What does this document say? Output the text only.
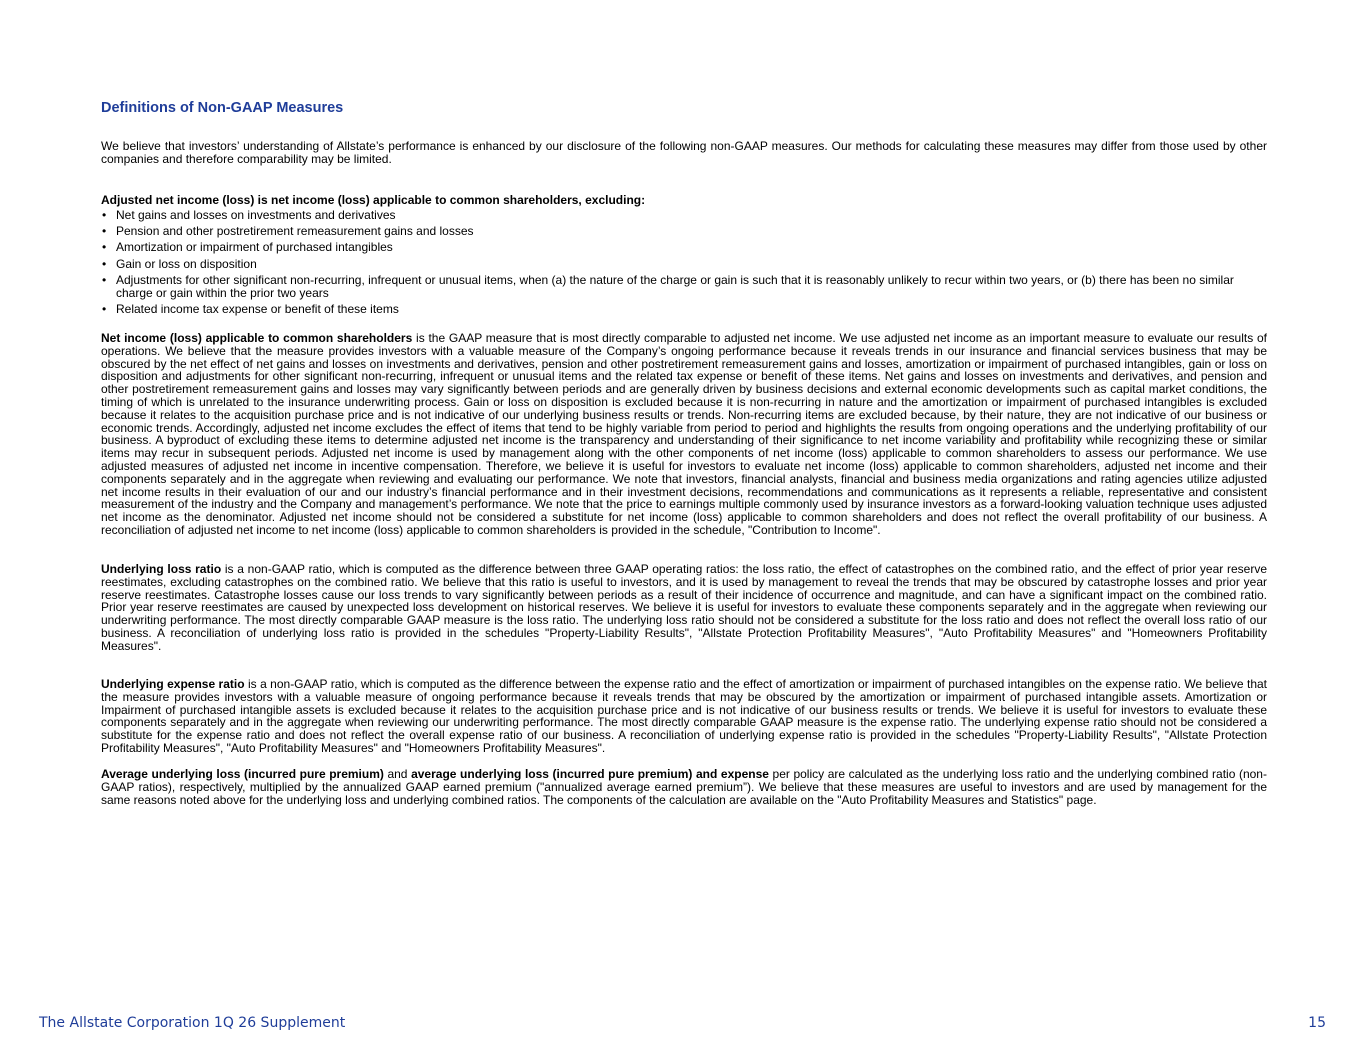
Definitions of Non-GAAP Measures

We believe that investors’ understanding of Allstate’s performance is enhanced by our disclosure of the following non-GAAP measures. Our methods for calculating these measures may differ from those used by other companies and therefore comparability may be limited.

Adjusted net income (loss) is net income (loss) applicable to common shareholders, excluding:

• Net gains and losses on investments and derivatives
• Pension and other postretirement remeasurement gains and losses
• Amortization or impairment of purchased intangibles
• Gain or loss on disposition
• Adjustments for other significant non-recurring, infrequent or unusual items, when (a) the nature of the charge or gain is such that it is reasonably unlikely to recur within two years, or (b) there has been no similar charge or gain within the prior two years
• Related income tax expense or benefit of these items

Net income (loss) applicable to common shareholders is the GAAP measure that is most directly comparable to adjusted net income. We use adjusted net income as an important measure to evaluate our results of operations. We believe that the measure provides investors with a valuable measure of the Company’s ongoing performance because it reveals trends in our insurance and financial services business that may be obscured by the net effect of net gains and losses on investments and derivatives, pension and other postretirement remeasurement gains and losses, amortization or impairment of purchased intangibles, gain or loss on disposition and adjustments for other significant non-recurring, infrequent or unusual items and the related tax expense or benefit of these items. Net gains and losses on investments and derivatives, and pension and other postretirement remeasurement gains and losses may vary significantly between periods and are generally driven by business decisions and external economic developments such as capital market conditions, the timing of which is unrelated to the insurance underwriting process. Gain or loss on disposition is excluded because it is non-recurring in nature and the amortization or impairment of purchased intangibles is excluded because it relates to the acquisition purchase price and is not indicative of our underlying business results or trends. Non-recurring items are excluded because, by their nature, they are not indicative of our business or economic trends. Accordingly, adjusted net income excludes the effect of items that tend to be highly variable from period to period and highlights the results from ongoing operations and the underlying profitability of our business. A byproduct of excluding these items to determine adjusted net income is the transparency and understanding of their significance to net income variability and profitability while recognizing these or similar items may recur in subsequent periods. Adjusted net income is used by management along with the other components of net income (loss) applicable to common shareholders to assess our performance. We use adjusted measures of adjusted net income in incentive compensation. Therefore, we believe it is useful for investors to evaluate net income (loss) applicable to common shareholders, adjusted net income and their components separately and in the aggregate when reviewing and evaluating our performance. We note that investors, financial analysts, financial and business media organizations and rating agencies utilize adjusted net income results in their evaluation of our and our industry’s financial performance and in their investment decisions, recommendations and communications as it represents a reliable, representative and consistent measurement of the industry and the Company and management’s performance. We note that the price to earnings multiple commonly used by insurance investors as a forward-looking valuation technique uses adjusted net income as the denominator. Adjusted net income should not be considered a substitute for net income (loss) applicable to common shareholders and does not reflect the overall profitability of our business. A reconciliation of adjusted net income to net income (loss) applicable to common shareholders is provided in the schedule, "Contribution to Income".

Underlying loss ratio is a non-GAAP ratio, which is computed as the difference between three GAAP operating ratios: the loss ratio, the effect of catastrophes on the combined ratio, and the effect of prior year reserve reestimates, excluding catastrophes on the combined ratio. We believe that this ratio is useful to investors, and it is used by management to reveal the trends that may be obscured by catastrophe losses and prior year reserve reestimates. Catastrophe losses cause our loss trends to vary significantly between periods as a result of their incidence of occurrence and magnitude, and can have a significant impact on the combined ratio. Prior year reserve reestimates are caused by unexpected loss development on historical reserves. We believe it is useful for investors to evaluate these components separately and in the aggregate when reviewing our underwriting performance. The most directly comparable GAAP measure is the loss ratio. The underlying loss ratio should not be considered a substitute for the loss ratio and does not reflect the overall loss ratio of our business. A reconciliation of underlying loss ratio is provided in the schedules "Property-Liability Results", "Allstate Protection Profitability Measures", "Auto Profitability Measures" and "Homeowners Profitability Measures".

Underlying expense ratio is a non-GAAP ratio, which is computed as the difference between the expense ratio and the effect of amortization or impairment of purchased intangibles on the expense ratio. We believe that the measure provides investors with a valuable measure of ongoing performance because it reveals trends that may be obscured by the amortization or impairment of purchased intangible assets. Amortization or Impairment of purchased intangible assets is excluded because it relates to the acquisition purchase price and is not indicative of our business results or trends. We believe it is useful for investors to evaluate these components separately and in the aggregate when reviewing our underwriting performance. The most directly comparable GAAP measure is the expense ratio. The underlying expense ratio should not be considered a substitute for the expense ratio and does not reflect the overall expense ratio of our business. A reconciliation of underlying expense ratio is provided in the schedules "Property-Liability Results", "Allstate Protection Profitability Measures", "Auto Profitability Measures" and "Homeowners Profitability Measures".

Average underlying loss (incurred pure premium) and average underlying loss (incurred pure premium) and expense per policy are calculated as the underlying loss ratio and the underlying combined ratio (non-GAAP ratios), respectively, multiplied by the annualized GAAP earned premium ("annualized average earned premium”). We believe that these measures are useful to investors and are used by management for the same reasons noted above for the underlying loss and underlying combined ratios. The components of the calculation are available on the "Auto Profitability Measures and Statistics" page.

The Allstate Corporation 1Q 26 Supplement	15
